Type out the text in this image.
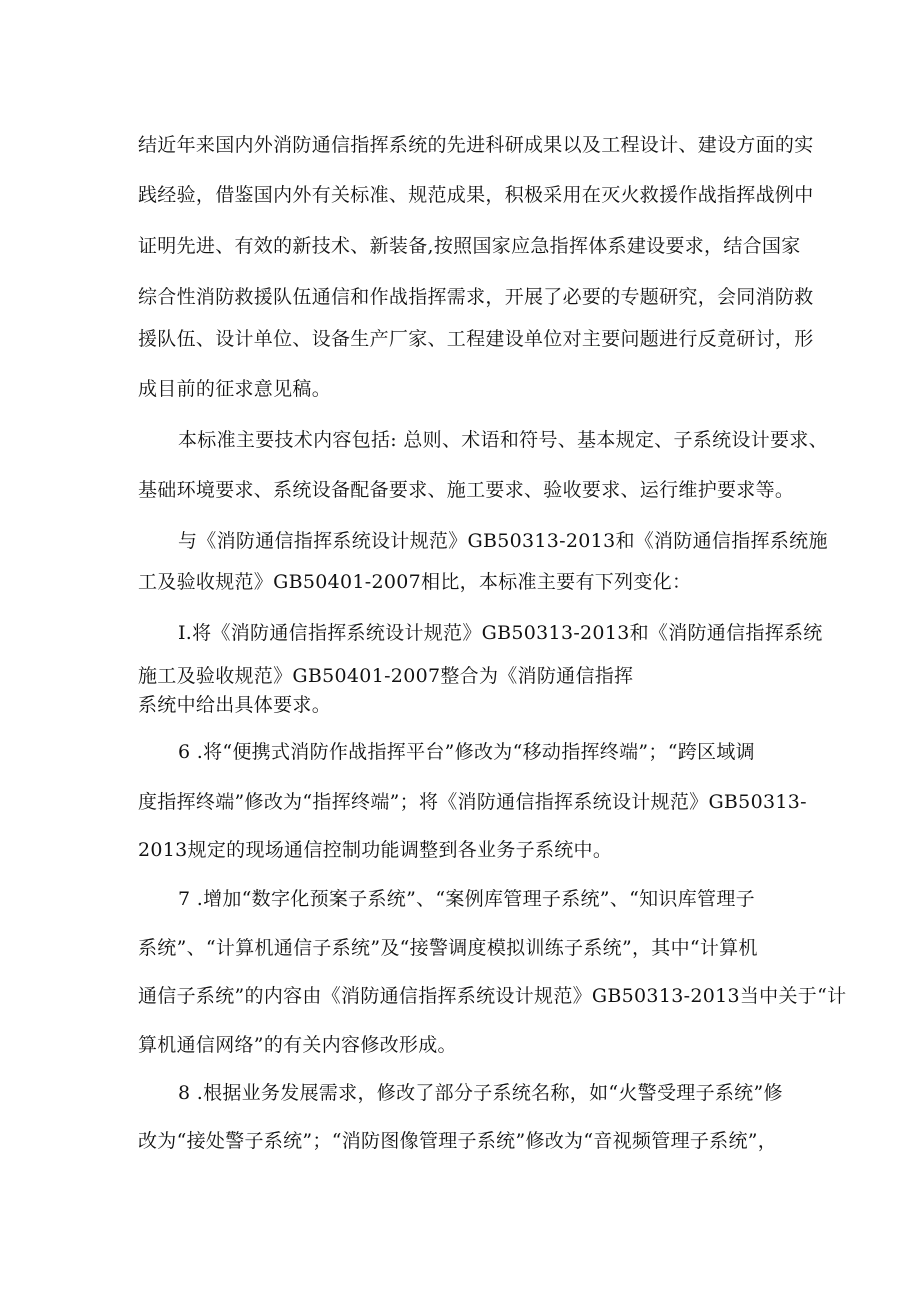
结近年来国内外消防通信指挥系统的先进科研成果以及工程设计、建设方面的实
践经验，借鉴国内外有关标准、规范成果，积极采用在灭火救援作战指挥战例中
证明先进、有效的新技术、新装备,按照国家应急指挥体系建设要求，结合国家
综合性消防救援队伍通信和作战指挥需求，开展了必要的专题研究，会同消防救
援队伍、设计单位、设备生产厂家、工程建设单位对主要问题进行反竟研讨，形
成目前的征求意见稿。
本标准主要技术内容包括: 总则、术语和符号、基本规定、子系统设计要求、
基础环境要求、系统设备配备要求、施工要求、验收要求、运行维护要求等。
与《消防通信指挥系统设计规范》GB50313-2013和《消防通信指挥系统施
工及验收规范》GB50401-2007相比，本标准主要有下列变化：
I.将《消防通信指挥系统设计规范》GB50313-2013和《消防通信指挥系统
施工及验收规范》GB50401-2007整合为《消防通信指挥
系统中给出具体要求。
6 .将“便携式消防作战指挥平台”修改为“移动指挥终端”；“跨区域调
度指挥终端”修改为“指挥终端”；将《消防通信指挥系统设计规范》GB50313-
2013规定的现场通信控制功能调整到各业务子系统中。
7 .增加“数字化预案子系统”、“案例库管理子系统”、“知识库管理子
系统”、“计算机通信子系统”及“接警调度模拟训练子系统”，其中“计算机
通信子系统”的内容由《消防通信指挥系统设计规范》GB50313-2013当中关于“计
算机通信网络”的有关内容修改形成。
8 .根据业务发展需求，修改了部分子系统名称，如“火警受理子系统”修
改为“接处警子系统”；“消防图像管理子系统”修改为“音视频管理子系统”，
